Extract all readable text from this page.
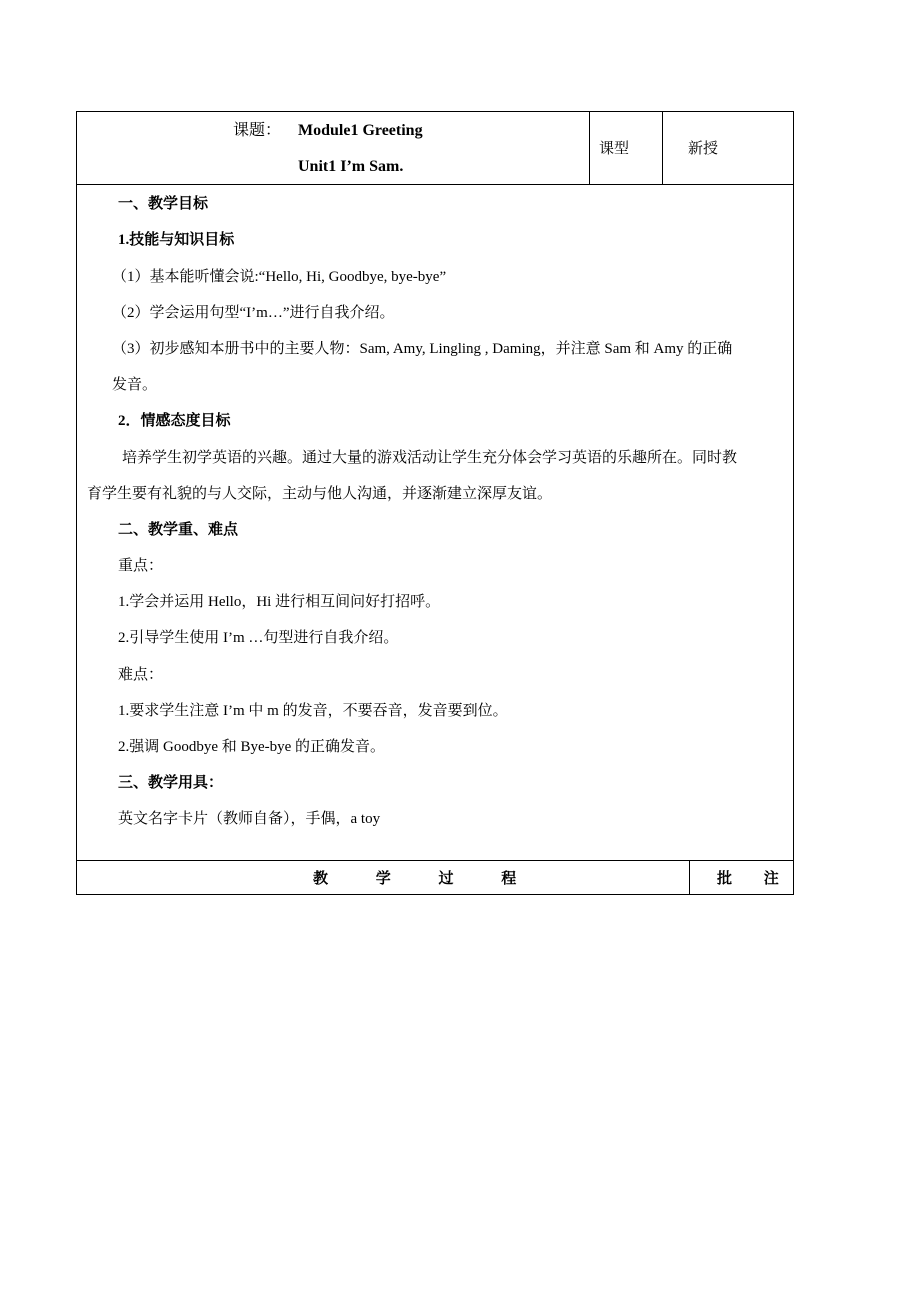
课题： Module1 Greeting
Unit1 I’m Sam.
课型	新授
一、教学目标
1.技能与知识目标
（1）基本能听懂会说:“Hello, Hi, Goodbye, bye-bye”
（2）学会运用句型“I’m…”进行自我介绍。
（3）初步感知本册书中的主要人物：Sam, Amy, Lingling , Daming，并注意 Sam 和 Amy 的正确
发音。
2．情感态度目标
培养学生初学英语的兴趣。通过大量的游戏活动让学生充分体会学习英语的乐趣所在。同时教
育学生要有礼貌的与人交际，主动与他人沟通，并逐渐建立深厚友谊。
二、教学重、难点
重点：
1.学会并运用 Hello，Hi 进行相互间问好打招呼。
2.引导学生使用 I’m …句型进行自我介绍。
难点：
1.要求学生注意 I’m 中 m 的发音，不要吞音，发音要到位。
2.强调 Goodbye 和 Bye-bye 的正确发音。
三、教学用具：
英文名字卡片（教师自备），手偶，a toy
教 学 过 程	批 注
